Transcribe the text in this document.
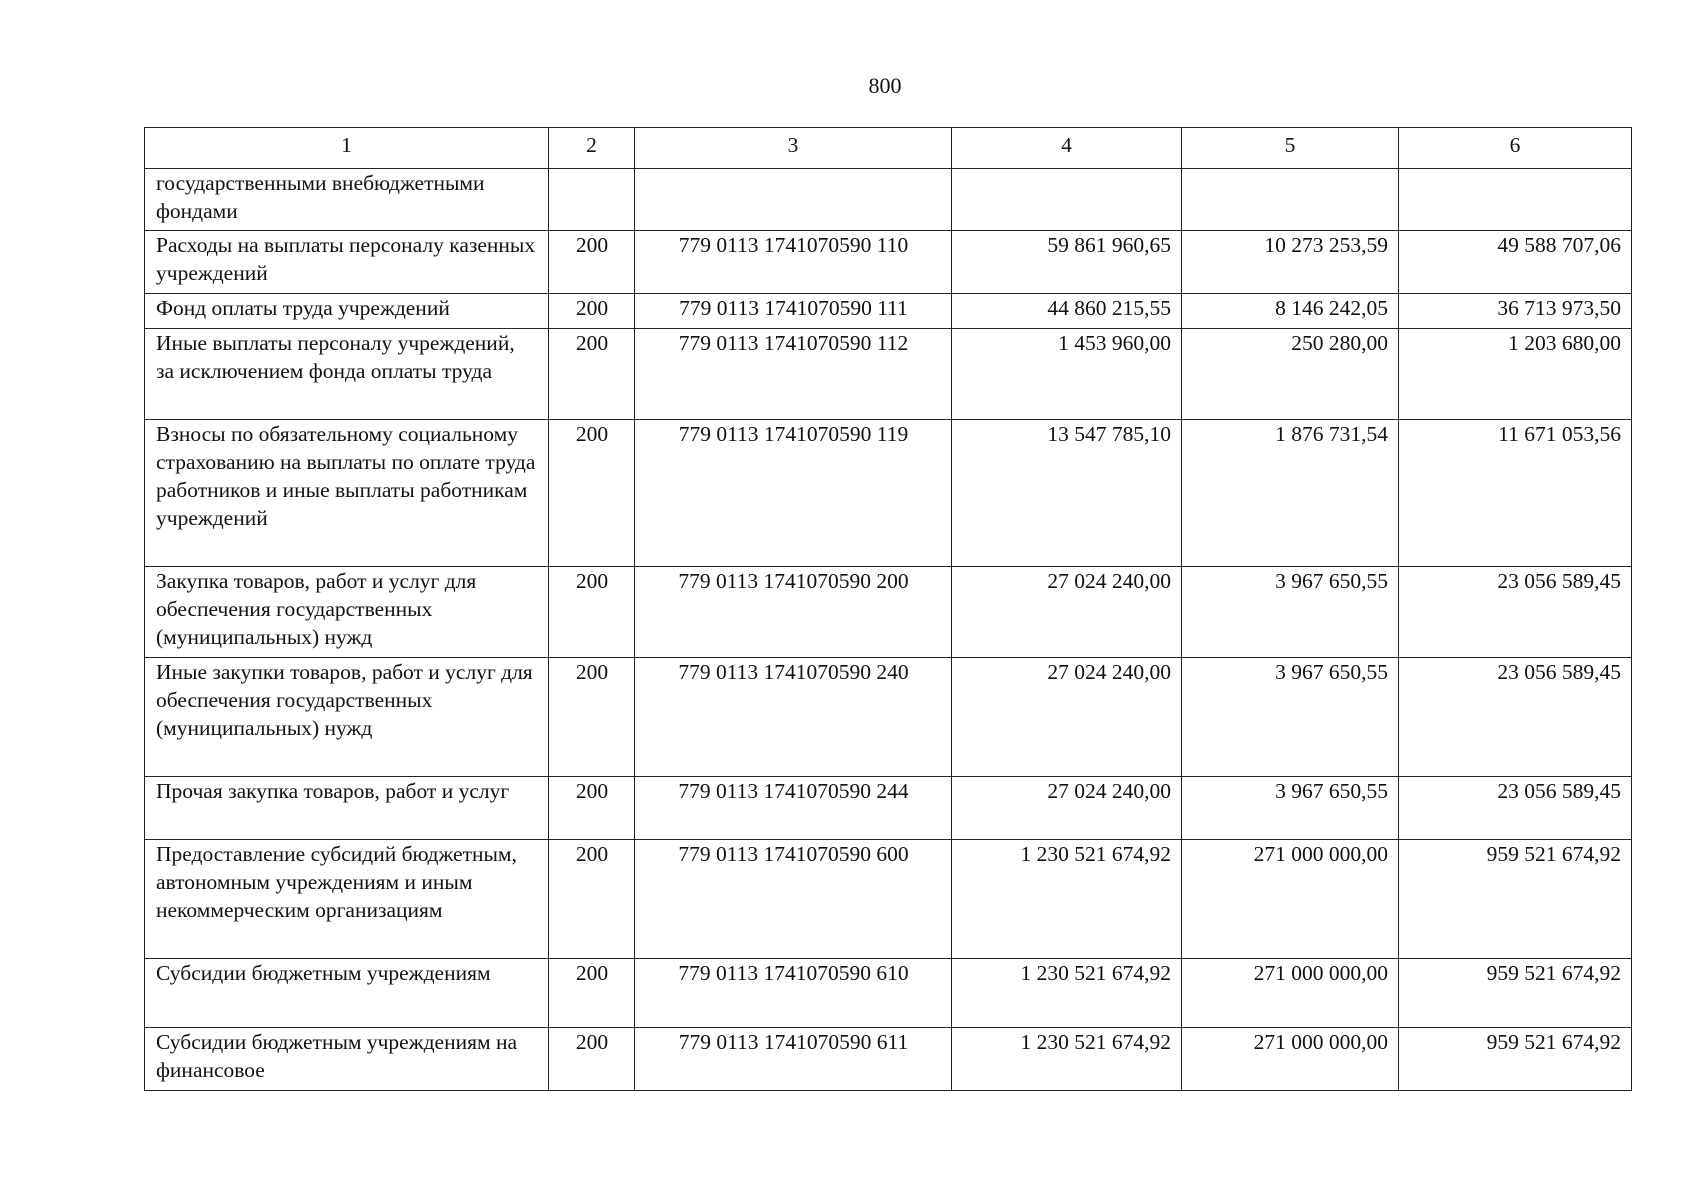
800
1	2	3	4	5	6
государственными внебюджетными фондами					
Расходы на выплаты персоналу казенных учреждений	200	779 0113 1741070590 110	59 861 960,65	10 273 253,59	49 588 707,06
Фонд оплаты труда учреждений	200	779 0113 1741070590 111	44 860 215,55	8 146 242,05	36 713 973,50
Иные выплаты персоналу учреждений, за исключением фонда оплаты труда	200	779 0113 1741070590 112	1 453 960,00	250 280,00	1 203 680,00
Взносы по обязательному социальному страхованию на выплаты по оплате труда работников и иные выплаты работникам учреждений	200	779 0113 1741070590 119	13 547 785,10	1 876 731,54	11 671 053,56
Закупка товаров, работ и услуг для обеспечения государственных (муниципальных) нужд	200	779 0113 1741070590 200	27 024 240,00	3 967 650,55	23 056 589,45
Иные закупки товаров, работ и услуг для обеспечения государственных (муниципальных) нужд	200	779 0113 1741070590 240	27 024 240,00	3 967 650,55	23 056 589,45
Прочая закупка товаров, работ и услуг	200	779 0113 1741070590 244	27 024 240,00	3 967 650,55	23 056 589,45
Предоставление субсидий бюджетным, автономным учреждениям и иным некоммерческим организациям	200	779 0113 1741070590 600	1 230 521 674,92	271 000 000,00	959 521 674,92
Субсидии бюджетным учреждениям	200	779 0113 1741070590 610	1 230 521 674,92	271 000 000,00	959 521 674,92
Субсидии бюджетным учреждениям на финансовое	200	779 0113 1741070590 611	1 230 521 674,92	271 000 000,00	959 521 674,92
